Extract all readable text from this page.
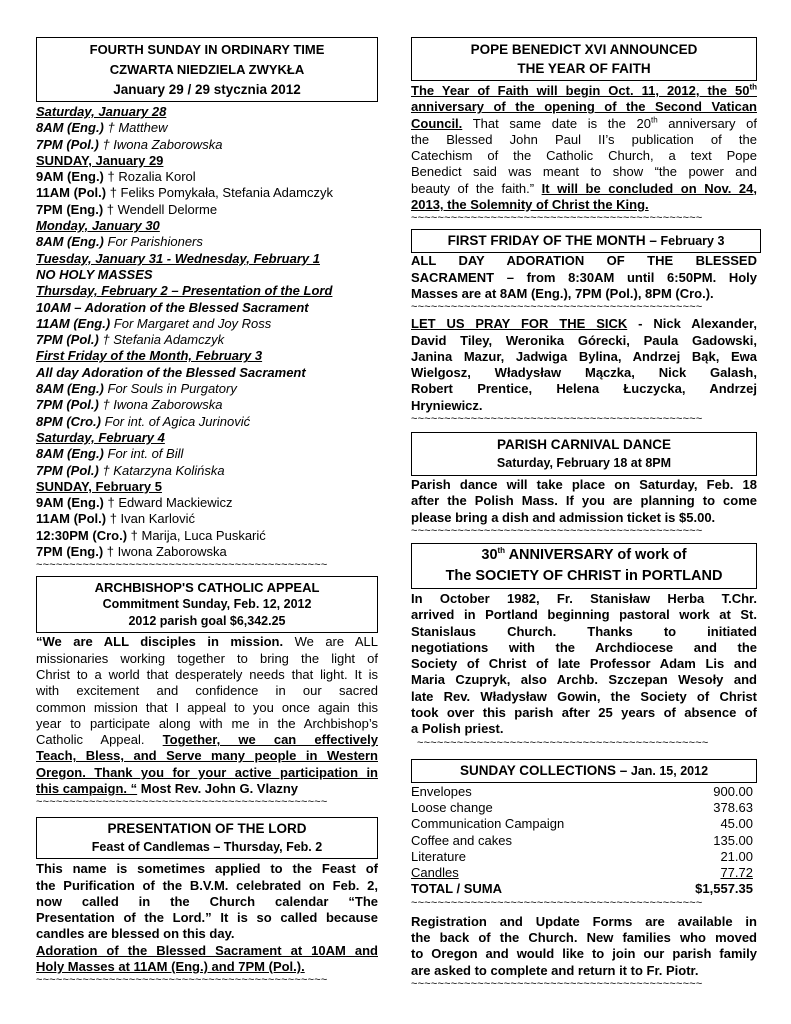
FOURTH SUNDAY IN ORDINARY TIME
CZWARTA NIEDZIELA ZWYKŁA
January 29 / 29 stycznia 2012
Saturday, January 28
8AM (Eng.) † Matthew
7PM (Pol.) † Iwona Zaborowska
SUNDAY, January 29
9AM (Eng.) † Rozalia Korol
11AM (Pol.) † Feliks Pomykała, Stefania Adamczyk
7PM (Eng.) † Wendell Delorme
Monday, January 30
8AM (Eng.) For Parishioners
Tuesday, January 31 - Wednesday, February 1
NO HOLY MASSES
Thursday, February 2 – Presentation of the Lord
10AM – Adoration of the Blessed Sacrament
11AM (Eng.) For Margaret and Joy Ross
7PM (Pol.) † Stefania Adamczyk
First Friday of the Month, February 3
All day Adoration of the Blessed Sacrament
8AM (Eng.) For Souls in Purgatory
7PM (Pol.) † Iwona Zaborowska
8PM (Cro.) For int. of Agica Jurinović
Saturday, February 4
8AM (Eng.) For int. of Bill
7PM (Pol.) † Katarzyna Kolińska
SUNDAY, February 5
9AM (Eng.) † Edward Mackiewicz
11AM (Pol.) † Ivan Karlović
12:30PM (Cro.) † Marija, Luca Puskarić
7PM (Eng.) † Iwona Zaborowska
~~~~~~~~~~~~~~~~~~~~~~~~~~~~~~~~~~~~~~~~~~~~
ARCHBISHOP'S CATHOLIC APPEAL
Commitment Sunday, Feb. 12, 2012
2012 parish goal $6,342.25
“We are ALL disciples in mission. We are ALL
missionaries working together to bring the light of
Christ to a world that desperately needs that light. It is
with excitement and confidence in our sacred
common mission that I appeal to you once again this
year to participate along with me in the Archbishop’s
Catholic Appeal. Together, we can effectively
Teach, Bless, and Serve many people in Western
Oregon. Thank you for your active participation in
this campaign. “ Most Rev. John G. Vlazny
~~~~~~~~~~~~~~~~~~~~~~~~~~~~~~~~~~~~~~~~~~~~
PRESENTATION OF THE LORD
Feast of Candlemas – Thursday, Feb. 2
This name is sometimes applied to the Feast of
the Purification of the B.V.M. celebrated on Feb. 2,
now called in the Church calendar “The
Presentation of the Lord.” It is so called because
candles are blessed on this day.
Adoration of the Blessed Sacrament at 10AM and
Holy Masses at 11AM (Eng.) and 7PM (Pol.).
~~~~~~~~~~~~~~~~~~~~~~~~~~~~~~~~~~~~~~~~~~~~
POPE BENEDICT XVI ANNOUNCED
THE YEAR OF FAITH
The Year of Faith will begin Oct. 11, 2012, the 50th
anniversary of the opening of the Second Vatican
Council. That same date is the 20th anniversary of
the Blessed John Paul II’s publication of the
Catechism of the Catholic Church, a text Pope
Benedict said was meant to show “the power and
beauty of the faith.” It will be concluded on Nov. 24,
2013, the Solemnity of Christ the King.
~~~~~~~~~~~~~~~~~~~~~~~~~~~~~~~~~~~~~~~~~~~~
FIRST FRIDAY OF THE MONTH – February 3
ALL DAY ADORATION OF THE BLESSED
SACRAMENT – from 8:30AM until 6:50PM. Holy
Masses are at 8AM (Eng.), 7PM (Pol.), 8PM (Cro.).
~~~~~~~~~~~~~~~~~~~~~~~~~~~~~~~~~~~~~~~~~~~~
LET US PRAY FOR THE SICK - Nick Alexander,
David Tiley, Weronika Górecki, Paula Gadowski,
Janina Mazur, Jadwiga Bylina, Andrzej Bąk, Ewa
Wielgosz, Władysław Mączka, Nick Galash,
Robert Prentice, Helena Łuczycka, Andrzej
Hryniewicz.
~~~~~~~~~~~~~~~~~~~~~~~~~~~~~~~~~~~~~~~~~~~~
PARISH CARNIVAL DANCE
Saturday, February 18 at 8PM
Parish dance will take place on Saturday, Feb. 18
after the Polish Mass. If you are planning to come
please bring a dish and admission ticket is $5.00.
~~~~~~~~~~~~~~~~~~~~~~~~~~~~~~~~~~~~~~~~~~~~
30th ANNIVERSARY of work of
The SOCIETY OF CHRIST in PORTLAND
In October 1982, Fr. Stanisław Herba T.Chr.
arrived in Portland beginning pastoral work at St.
Stanislaus Church. Thanks to initiated
negotiations with the Archdiocese and the
Society of Christ of late Professor Adam Lis and
Maria Czupryk, also Archb. Szczepan Wesoły and
late Rev. Władysław Gowin, the Society of Christ
took over this parish after 25 years of absence of
a Polish priest.
~~~~~~~~~~~~~~~~~~~~~~~~~~~~~~~~~~~~~~~~~~~~
SUNDAY COLLECTIONS – Jan. 15, 2012
Envelopes	900.00
Loose change	378.63
Communication Campaign	45.00
Coffee and cakes	135.00
Literature	21.00
Candles	77.72
TOTAL / SUMA	$1,557.35
~~~~~~~~~~~~~~~~~~~~~~~~~~~~~~~~~~~~~~~~~~~~
Registration and Update Forms are available in
the back of the Church. New families who moved
to Oregon and would like to join our parish family
are asked to complete and return it to Fr. Piotr.
~~~~~~~~~~~~~~~~~~~~~~~~~~~~~~~~~~~~~~~~~~~~
